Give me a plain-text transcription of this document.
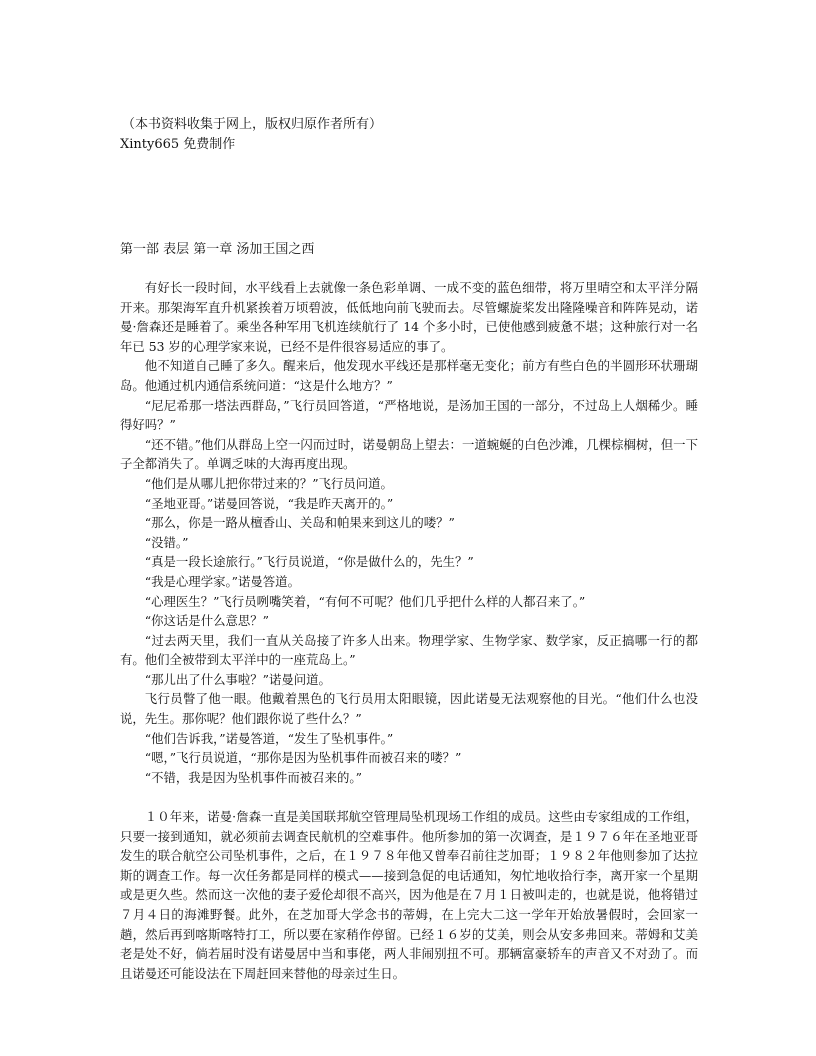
（本书资料收集于网上，版权归原作者所有）
Xinty665 免费制作
第一部 表层 第一章 汤加王国之西

有好长一段时间，水平线看上去就像一条色彩单调、一成不变的蓝色细带，将万里晴空和太平洋分隔开来。那架海军直升机紧挨着万顷碧波，低低地向前飞驶而去。尽管螺旋桨发出隆隆噪音和阵阵晃动，诺曼·詹森还是睡着了。乘坐各种军用飞机连续航行了 14 个多小时，已使他感到疲惫不堪；这种旅行对一名年已 53 岁的心理学家来说，已经不是件很容易适应的事了。

他不知道自己睡了多久。醒来后，他发现水平线还是那样毫无变化；前方有些白色的半圆形环状珊瑚岛。他通过机内通信系统问道：“这是什么地方？”

“尼尼希那一塔法西群岛，”飞行员回答道，“严格地说，是汤加王国的一部分，不过岛上人烟稀少。睡得好吗？”

“还不错。”他们从群岛上空一闪而过时，诺曼朝岛上望去：一道蜿蜒的白色沙滩，几棵棕榈树，但一下子全都消失了。单调乏味的大海再度出现。

“他们是从哪儿把你带过来的？”飞行员问道。

“圣地亚哥。”诺曼回答说，“我是昨天离开的。”

“那么，你是一路从檀香山、关岛和帕果来到这儿的喽？”

“没错。”

“真是一段长途旅行。”飞行员说道，“你是做什么的，先生？”

“我是心理学家。”诺曼答道。

“心理医生？”飞行员咧嘴笑着，“有何不可呢？他们几乎把什么样的人都召来了。”

“你这话是什么意思？”

“过去两天里，我们一直从关岛接了许多人出来。物理学家、生物学家、数学家，反正搞哪一行的都有。他们全被带到太平洋中的一座荒岛上。”

“那儿出了什么事啦？”诺曼问道。

飞行员瞥了他一眼。他戴着黑色的飞行员用太阳眼镜，因此诺曼无法观察他的目光。“他们什么也没说，先生。那你呢？他们跟你说了些什么？”

“他们告诉我，”诺曼答道，“发生了坠机事件。”

“嗯，”飞行员说道，“那你是因为坠机事件而被召来的喽？”

“不错，我是因为坠机事件而被召来的。”

１０年来，诺曼·詹森一直是美国联邦航空管理局坠机现场工作组的成员。这些由专家组成的工作组，只要一接到通知，就必须前去调查民航机的空难事件。他所参加的第一次调查，是１９７６年在圣地亚哥发生的联合航空公司坠机事件，之后，在１９７８年他又曾奉召前往芝加哥；１９８２年他则参加了达拉斯的调查工作。每一次任务都是同样的模式——接到急促的电话通知，匆忙地收拾行李，离开家一个星期或是更久些。然而这一次他的妻子爱伦却很不高兴，因为他是在７月１日被叫走的，也就是说，他将错过７月４日的海滩野餐。此外，在芝加哥大学念书的蒂姆，在上完大二这一学年开始放暑假时，会回家一趟，然后再到喀斯喀特打工，所以要在家稍作停留。已经１６岁的艾美，则会从安多弗回来。蒂姆和艾美老是处不好，倘若届时没有诺曼居中当和事佬，两人非闹别扭不可。那辆富豪轿车的声音又不对劲了。而且诺曼还可能设法在下周赶回来替他的母亲过生日。
